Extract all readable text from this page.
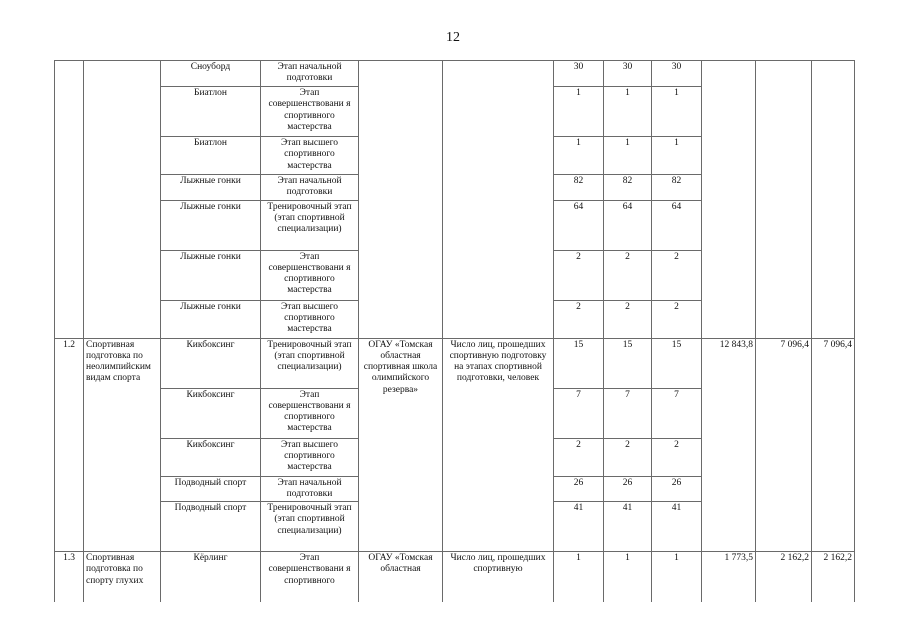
12
		Сноуборд	Этап начальной подготовки			30	30	30			
		Биатлон	Этап совершенствовани я спортивного мастерства			1	1	1			
		Биатлон	Этап высшего спортивного мастерства			1	1	1			
		Лыжные гонки	Этап начальной подготовки			82	82	82			
		Лыжные гонки	Тренировочный этап (этап спортивной специализации)			64	64	64			
		Лыжные гонки	Этап совершенствовани я спортивного мастерства			2	2	2			
		Лыжные гонки	Этап высшего спортивного мастерства			2	2	2			
1.2	Спортивная подготовка по неолимпийским видам спорта	Кикбоксинг	Тренировочный этап (этап спортивной специализации)	ОГАУ «Томская областная спортивная школа олимпийского резерва»	Число лиц, прошедших спортивную подготовку на этапах спортивной подготовки, человек	15	15	15	12 843,8	7 096,4	7 096,4
		Кикбоксинг	Этап совершенствовани я спортивного мастерства			7	7	7			
		Кикбоксинг	Этап высшего спортивного мастерства			2	2	2			
		Подводный спорт	Этап начальной подготовки			26	26	26			
		Подводный спорт	Тренировочный этап (этап спортивной специализации)			41	41	41			
1.3	Спортивная подготовка по спорту глухих	Кёрлинг	Этап совершенствовани я спортивного	ОГАУ «Томская областная	Число лиц, прошедших спортивную	1	1	1	1 773,5	2 162,2	2 162,2
